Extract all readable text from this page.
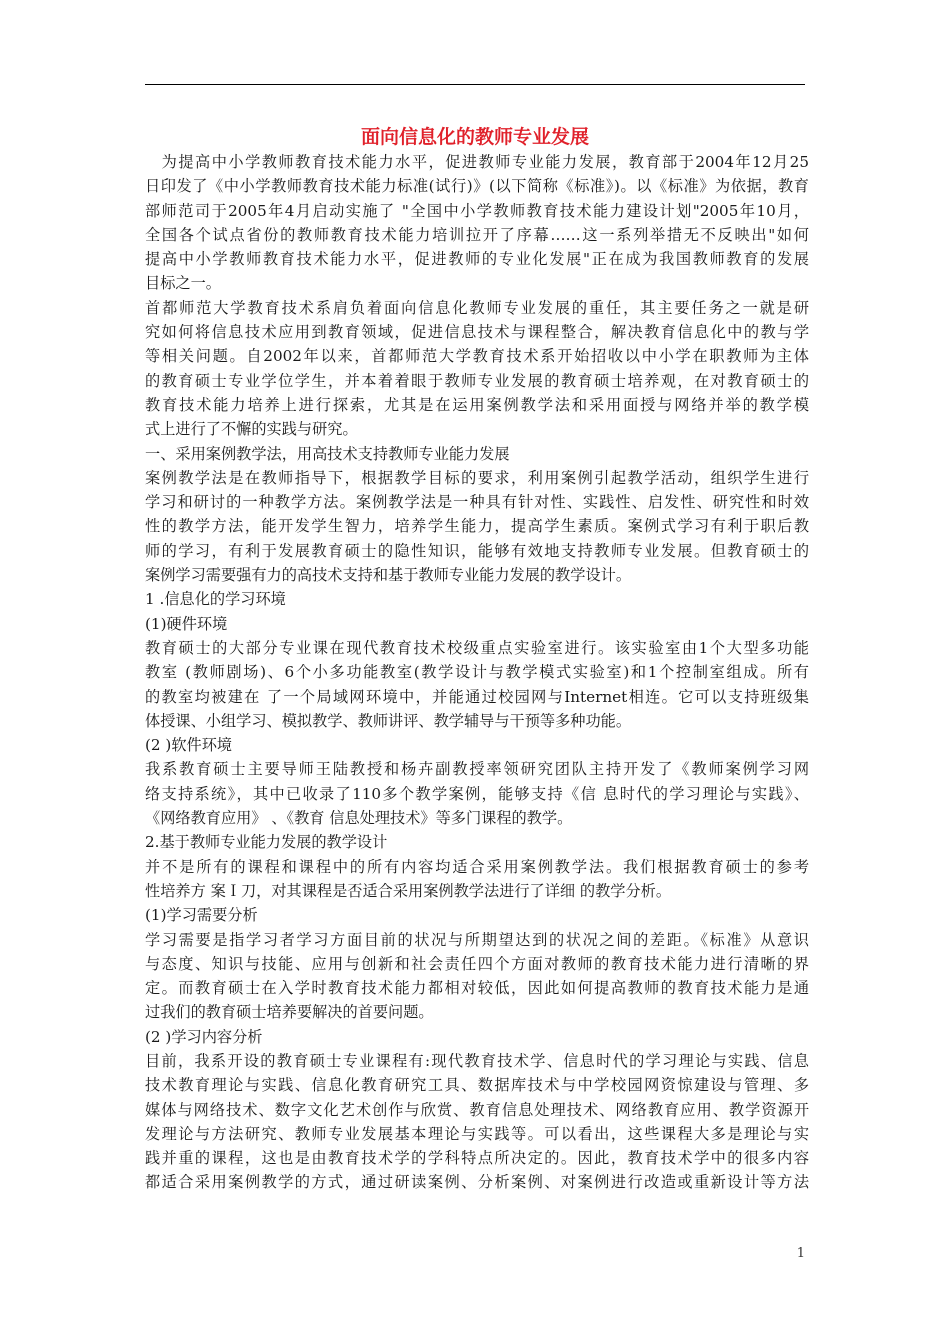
面向信息化的教师专业发展
　为提高中小学教师教育技术能力水平，促进教师专业能力发展，教育部于2004年12月25
日印发了《中小学教师教育技术能力标准(试行)》(以下简称《标准》)。以《标准》为依据，教育
部师范司于2005年4月启动实施了 "全国中小学教师教育技术能力建设计划"2005年10月，
全国各个试点省份的教师教育技术能力培训拉开了序幕……这一系列举措无不反映出"如何
提高中小学教师教育技术能力水平，促进教师的专业化发展"正在成为我国教师教育的发展
目标之一。
首都师范大学教育技术系肩负着面向信息化教师专业发展的重任，其主要任务之一就是研
究如何将信息技术应用到教育领域，促进信息技术与课程整合，解决教育信息化中的教与学
等相关问题。自2002年以来，首都师范大学教育技术系开始招收以中小学在职教师为主体
的教育硕士专业学位学生，并本着着眼于教师专业发展的教育硕士培养观，在对教育硕士的
教育技术能力培养上进行探索，尤其是在运用案例教学法和采用面授与网络并举的教学模
式上进行了不懈的实践与研究。
一、采用案例教学法，用高技术支持教师专业能力发展
案例教学法是在教师指导下，根据教学目标的要求，利用案例引起教学活动，组织学生进行
学习和研讨的一种教学方法。案例教学法是一种具有针对性、实践性、启发性、研究性和时效
性的教学方法，能开发学生智力，培养学生能力，提高学生素质。案例式学习有利于职后教
师的学习，有利于发展教育硕士的隐性知识，能够有效地支持教师专业发展。但教育硕士的
案例学习需要强有力的高技术支持和基于教师专业能力发展的教学设计。
1 .信息化的学习环境
(1)硬件环境
教育硕士的大部分专业课在现代教育技术校级重点实验室进行。该实验室由1个大型多功能
教室 (教师剧场)、6个小多功能教室(教学设计与教学模式实验室)和1个控制室组成。所有
的教室均被建在 了一个局域网环境中，并能通过校园网与Internet相连。它可以支持班级集
体授课、小组学习、模拟教学、教师讲评、教学辅导与干预等多种功能。
(2 )软件环境
我系教育硕士主要导师王陆教授和杨卉副教授率领研究团队主持开发了《教师案例学习网
络支持系统》，其中已收录了110多个教学案例，能够支持《信 息时代的学习理论与实践》、
《网络教育应用》 、《教育 信息处理技术》等多门课程的教学。
2.基于教师专业能力发展的教学设计
并不是所有的课程和课程中的所有内容均适合采用案例教学法。我们根据教育硕士的参考
性培养方 案Ｉ刀，对其课程是否适合采用案例教学法进行了详细 的教学分析。
(1)学习需要分析
学习需要是指学习者学习方面目前的状况与所期望达到的状况之间的差距。《标准》从意识
与态度、知识与技能、应用与创新和社会责任四个方面对教师的教育技术能力进行清晰的界
定。而教育硕士在入学时教育技术能力都相对较低，因此如何提高教师的教育技术能力是通
过我们的教育硕士培养要解决的首要问题。
(2 )学习内容分析
目前，我系开设的教育硕士专业课程有:现代教育技术学、信息时代的学习理论与实践、信息
技术教育理论与实践、信息化教育研究工具、数据库技术与中学校园网资惊建设与管理、多
媒体与网络技术、数字文化艺术创作与欣赏、教育信息处理技术、网络教育应用、教学资源开
发理论与方法研究、教师专业发展基本理论与实践等。可以看出，这些课程大多是理论与实
践并重的课程，这也是由教育技术学的学科特点所决定的。因此，教育技术学中的很多内容
都适合采用案例教学的方式，通过研读案例、分析案例、对案例进行改造或重新设计等方法
1
